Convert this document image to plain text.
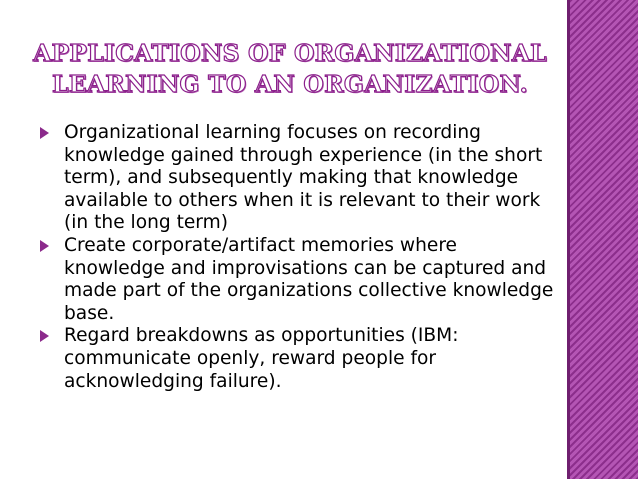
APPLICATIONS OF ORGANIZATIONAL
LEARNING TO AN ORGANIZATION.
Organizational learning focuses on recording knowledge gained through experience (in the short term), and subsequently making that knowledge available to others when it is relevant to their work (in the long term)
Create corporate/artifact memories where knowledge and improvisations can be captured and made part of the organizations collective knowledge base.
Regard breakdowns as opportunities (IBM: communicate openly, reward people for acknowledging failure).
